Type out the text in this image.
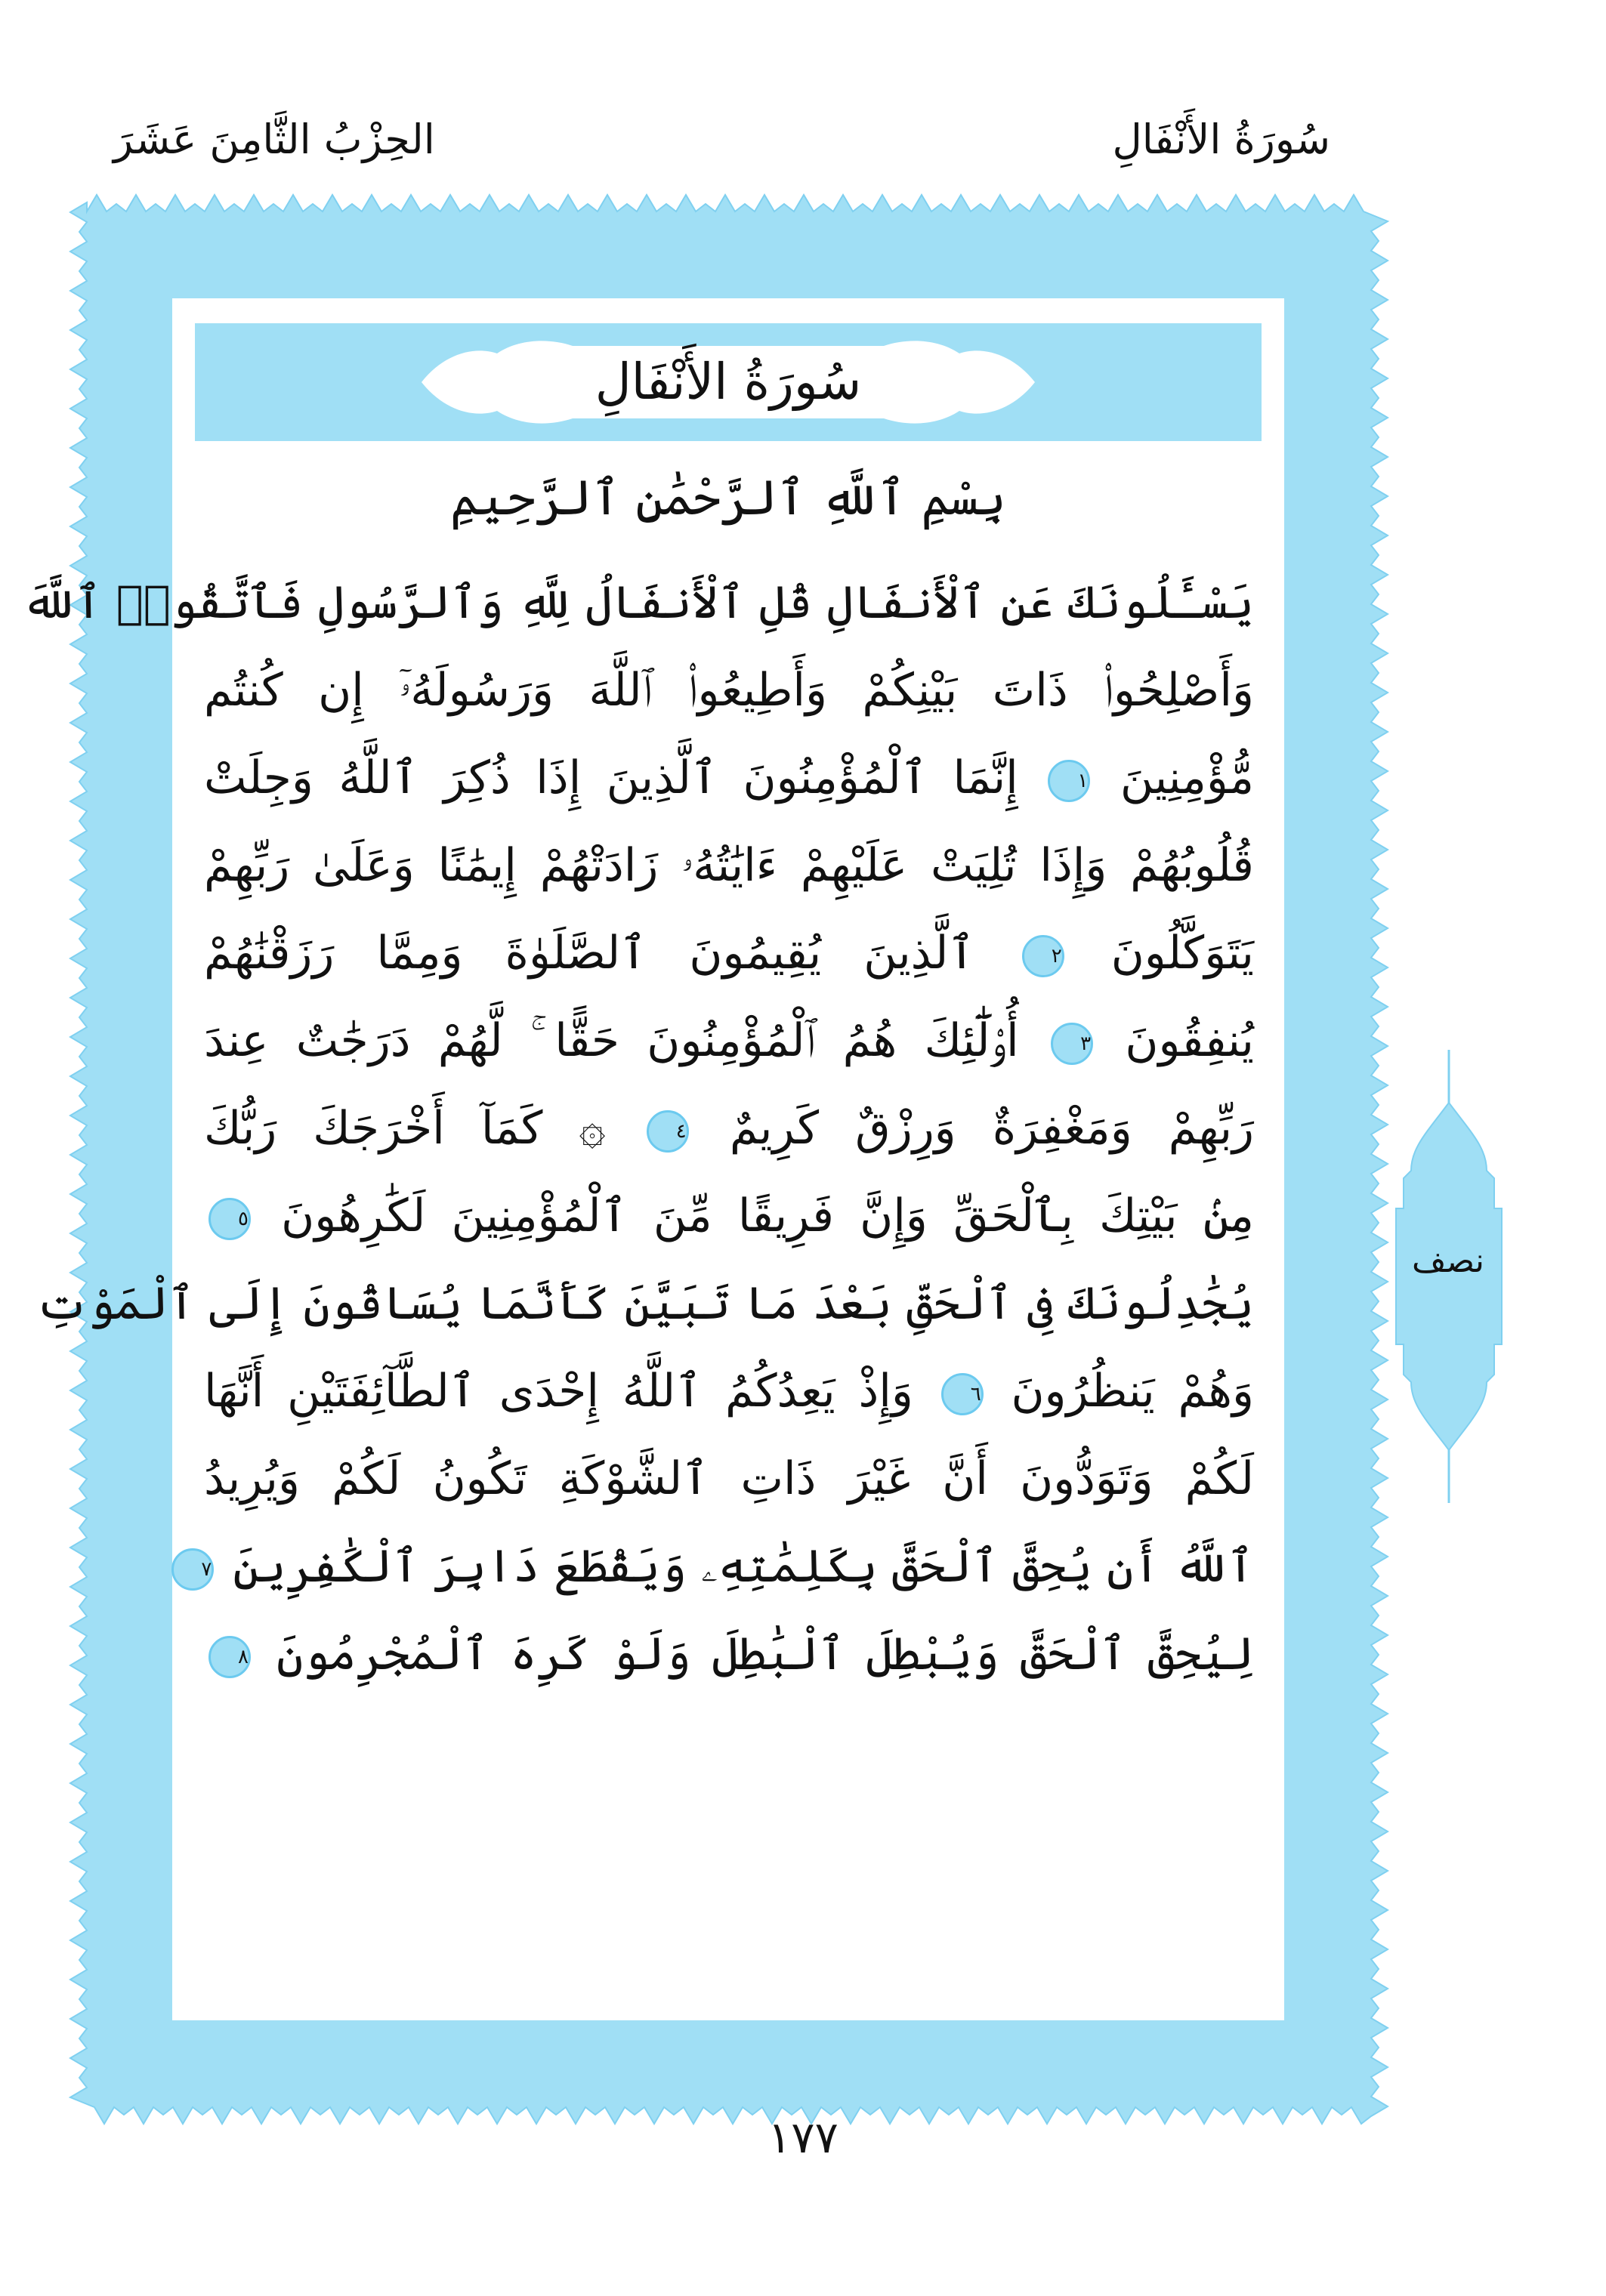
سُورَةُ الأَنْفَالِ
الحِزْبُ الثَّامِنَ عَشَرَ
سُورَةُ الأَنْفَالِ
بِسْمِ ٱللَّهِ ٱلرَّحْمَٰنِ ٱلرَّحِيمِ
يَسْـَٔلُونَكَ عَنِ ٱلْأَنفَالِ قُلِ ٱلْأَنفَالُ لِلَّهِ وَٱلرَّسُولِ فَٱتَّقُوا۟ ٱللَّهَ
وَأَصْلِحُوا۟ ذَاتَ بَيْنِكُمْ وَأَطِيعُوا۟ ٱللَّهَ وَرَسُولَهُۥٓ إِن كُنتُم
مُّؤْمِنِينَ ١ إِنَّمَا ٱلْمُؤْمِنُونَ ٱلَّذِينَ إِذَا ذُكِرَ ٱللَّهُ وَجِلَتْ
قُلُوبُهُمْ وَإِذَا تُلِيَتْ عَلَيْهِمْ ءَايَٰتُهُۥ زَادَتْهُمْ إِيمَٰنًا وَعَلَىٰ رَبِّهِمْ
يَتَوَكَّلُونَ ٢ ٱلَّذِينَ يُقِيمُونَ ٱلصَّلَوٰةَ وَمِمَّا رَزَقْنَٰهُمْ
يُنفِقُونَ ٣ أُو۟لَٰٓئِكَ هُمُ ٱلْمُؤْمِنُونَ حَقًّا ۚ لَّهُمْ دَرَجَٰتٌ عِندَ
رَبِّهِمْ وَمَغْفِرَةٌ وَرِزْقٌ كَرِيمٌ ٤ ۞ كَمَآ أَخْرَجَكَ رَبُّكَ
مِنۢ بَيْتِكَ بِٱلْحَقِّ وَإِنَّ فَرِيقًا مِّنَ ٱلْمُؤْمِنِينَ لَكَٰرِهُونَ ٥
يُجَٰدِلُونَكَ فِى ٱلْحَقِّ بَعْدَ مَا تَبَيَّنَ كَأَنَّمَا يُسَاقُونَ إِلَى ٱلْمَوْتِ
وَهُمْ يَنظُرُونَ ٦ وَإِذْ يَعِدُكُمُ ٱللَّهُ إِحْدَى ٱلطَّآئِفَتَيْنِ أَنَّهَا
لَكُمْ وَتَوَدُّونَ أَنَّ غَيْرَ ذَاتِ ٱلشَّوْكَةِ تَكُونُ لَكُمْ وَيُرِيدُ
ٱللَّهُ أَن يُحِقَّ ٱلْحَقَّ بِكَلِمَٰتِهِۦ وَيَقْطَعَ دَابِرَ ٱلْكَٰفِرِينَ ٧
لِيُحِقَّ ٱلْحَقَّ وَيُبْطِلَ ٱلْبَٰطِلَ وَلَوْ كَرِهَ ٱلْمُجْرِمُونَ ٨
نصف
١٧٧
